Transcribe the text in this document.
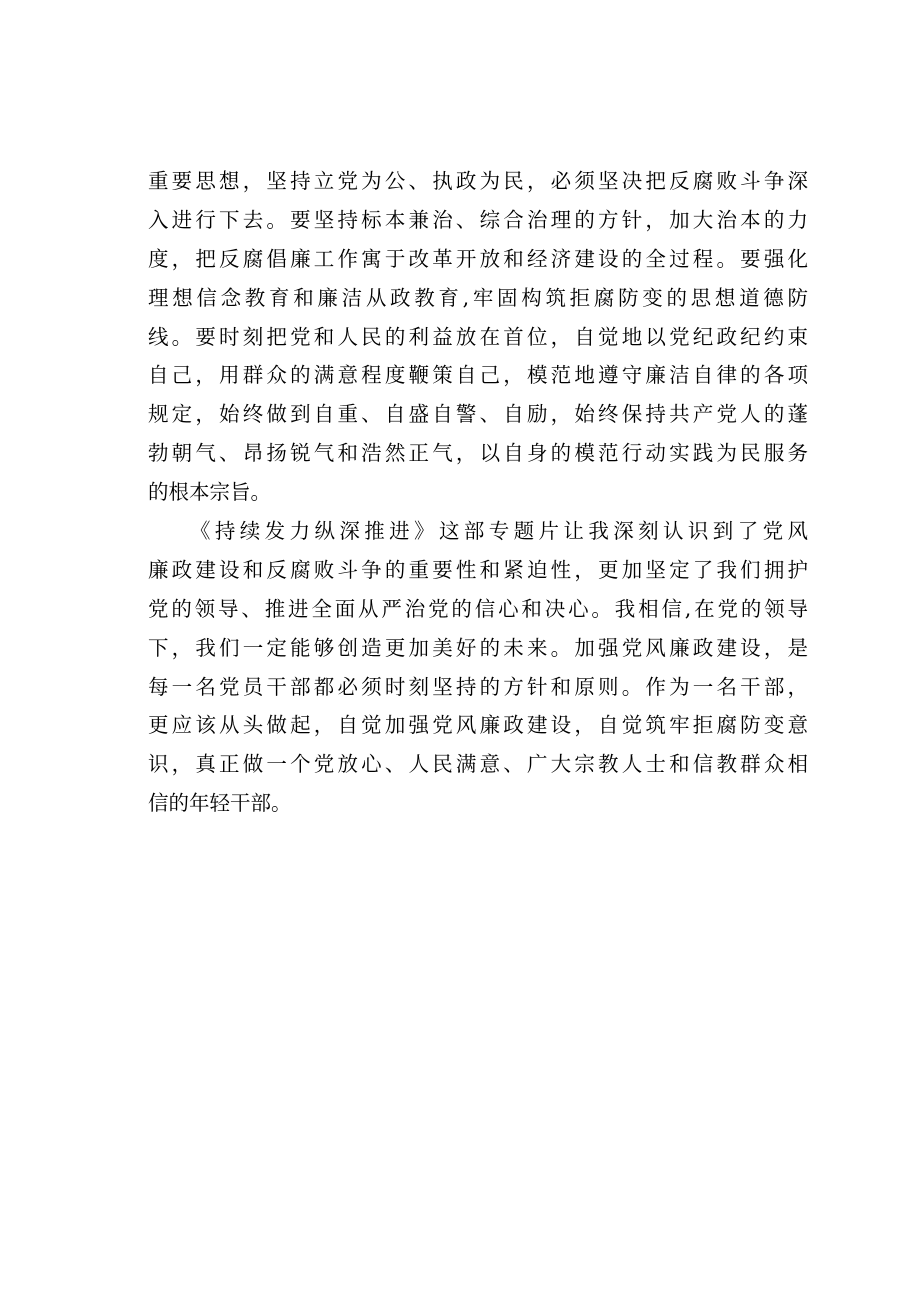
重要思想，坚持立党为公、执政为民，必须坚决把反腐败斗争深
入进行下去。要坚持标本兼治、综合治理的方针，加大治本的力
度，把反腐倡廉工作寓于改革开放和经济建设的全过程。要强化
理想信念教育和廉洁从政教育,牢固构筑拒腐防变的思想道德防
线。要时刻把党和人民的利益放在首位，自觉地以党纪政纪约束
自己，用群众的满意程度鞭策自己，模范地遵守廉洁自律的各项
规定，始终做到自重、自盛自警、自励，始终保持共产党人的蓬
勃朝气、昂扬锐气和浩然正气，以自身的模范行动实践为民服务
的根本宗旨。
《持续发力纵深推进》这部专题片让我深刻认识到了党风
廉政建设和反腐败斗争的重要性和紧迫性，更加坚定了我们拥护
党的领导、推进全面从严治党的信心和决心。我相信,在党的领导
下，我们一定能够创造更加美好的未来。加强党风廉政建设，是
每一名党员干部都必须时刻坚持的方针和原则。作为一名干部，
更应该从头做起，自觉加强党风廉政建设，自觉筑牢拒腐防变意
识，真正做一个党放心、人民满意、广大宗教人士和信教群众相
信的年轻干部。
